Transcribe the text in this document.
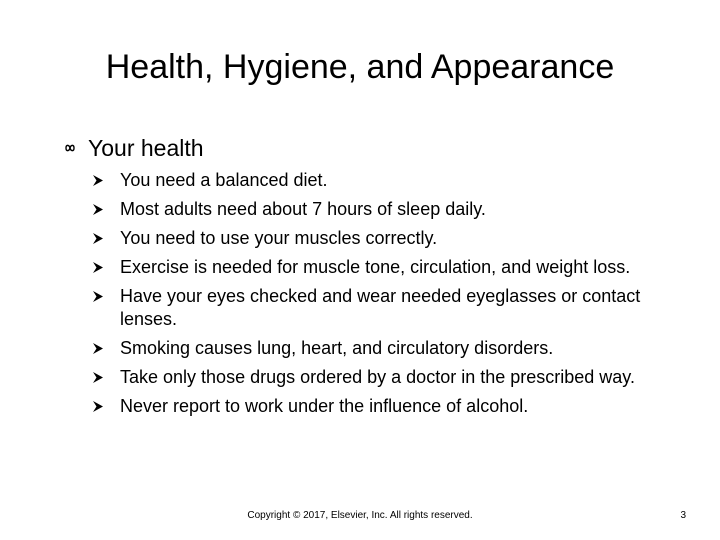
Health, Hygiene, and Appearance
Your health
You need a balanced diet.
Most adults need about 7 hours of sleep daily.
You need to use your muscles correctly.
Exercise is needed for muscle tone, circulation, and weight loss.
Have your eyes checked and wear needed eyeglasses or contact lenses.
Smoking causes lung, heart, and circulatory disorders.
Take only those drugs ordered by a doctor in the prescribed way.
Never report to work under the influence of alcohol.
Copyright © 2017, Elsevier, Inc. All rights reserved.	3
